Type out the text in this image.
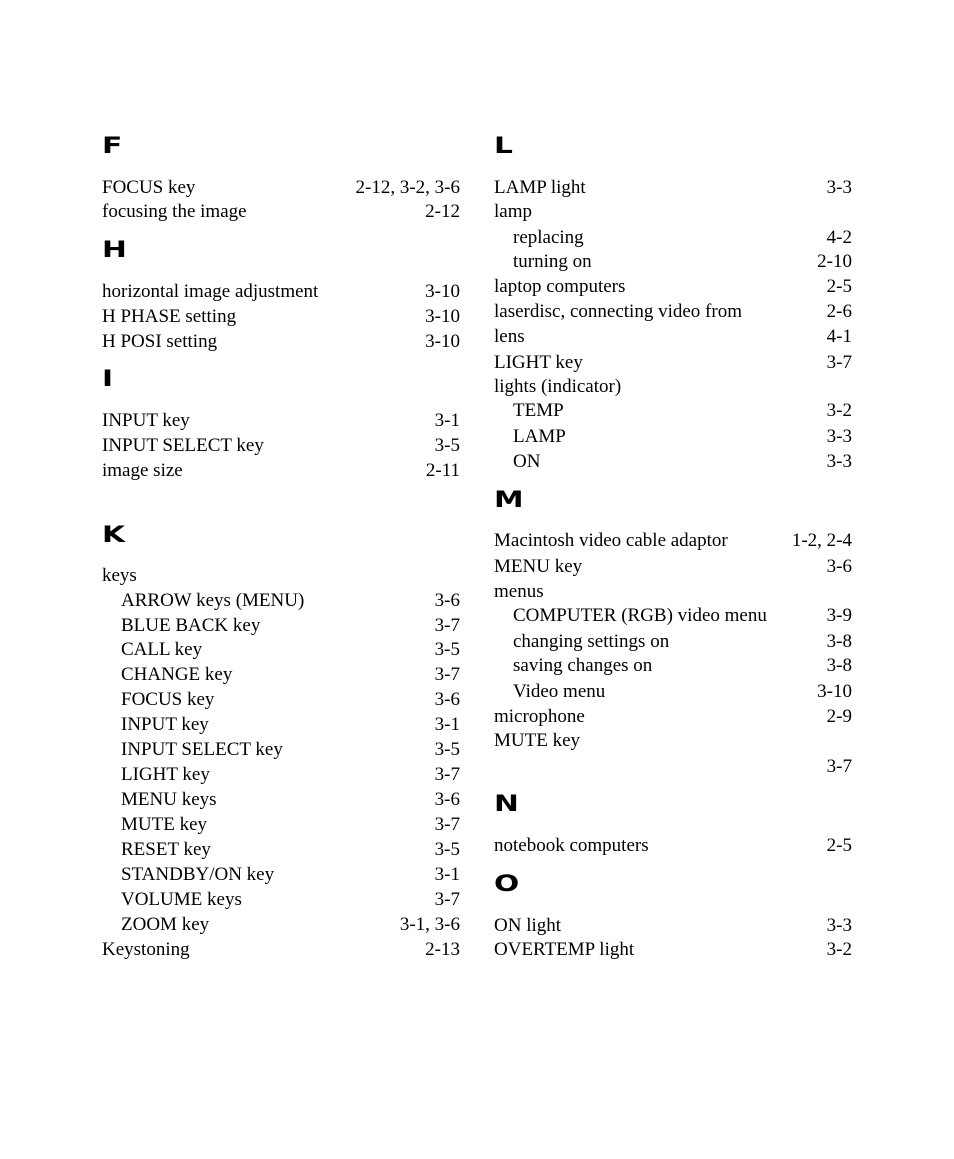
F
FOCUS key	2-12, 3-2, 3-6
focusing the image	2-12
H
horizontal image adjustment	3-10
H PHASE setting	3-10
H POSI setting	3-10
I
INPUT key	3-1
INPUT SELECT key	3-5
image size	2-11
K
keys
ARROW keys (MENU)	3-6
BLUE BACK key	3-7
CALL key	3-5
CHANGE key	3-7
FOCUS key	3-6
INPUT key	3-1
INPUT SELECT key	3-5
LIGHT key	3-7
MENU keys	3-6
MUTE key	3-7
RESET key	3-5
STANDBY/ON key	3-1
VOLUME keys	3-7
ZOOM key	3-1, 3-6
Keystoning	2-13
L
LAMP light	3-3
lamp
replacing	4-2
turning on	2-10
laptop computers	2-5
laserdisc, connecting video from	2-6
lens	4-1
LIGHT key	3-7
lights (indicator)
TEMP	3-2
LAMP	3-3
ON	3-3
M
Macintosh video cable adaptor	1-2, 2-4
MENU key	3-6
menus
COMPUTER (RGB) video menu	3-9
changing settings on	3-8
saving changes on	3-8
Video menu	3-10
microphone	2-9
MUTE key
3-7
N
notebook computers	2-5
O
ON light	3-3
OVERTEMP light	3-2
